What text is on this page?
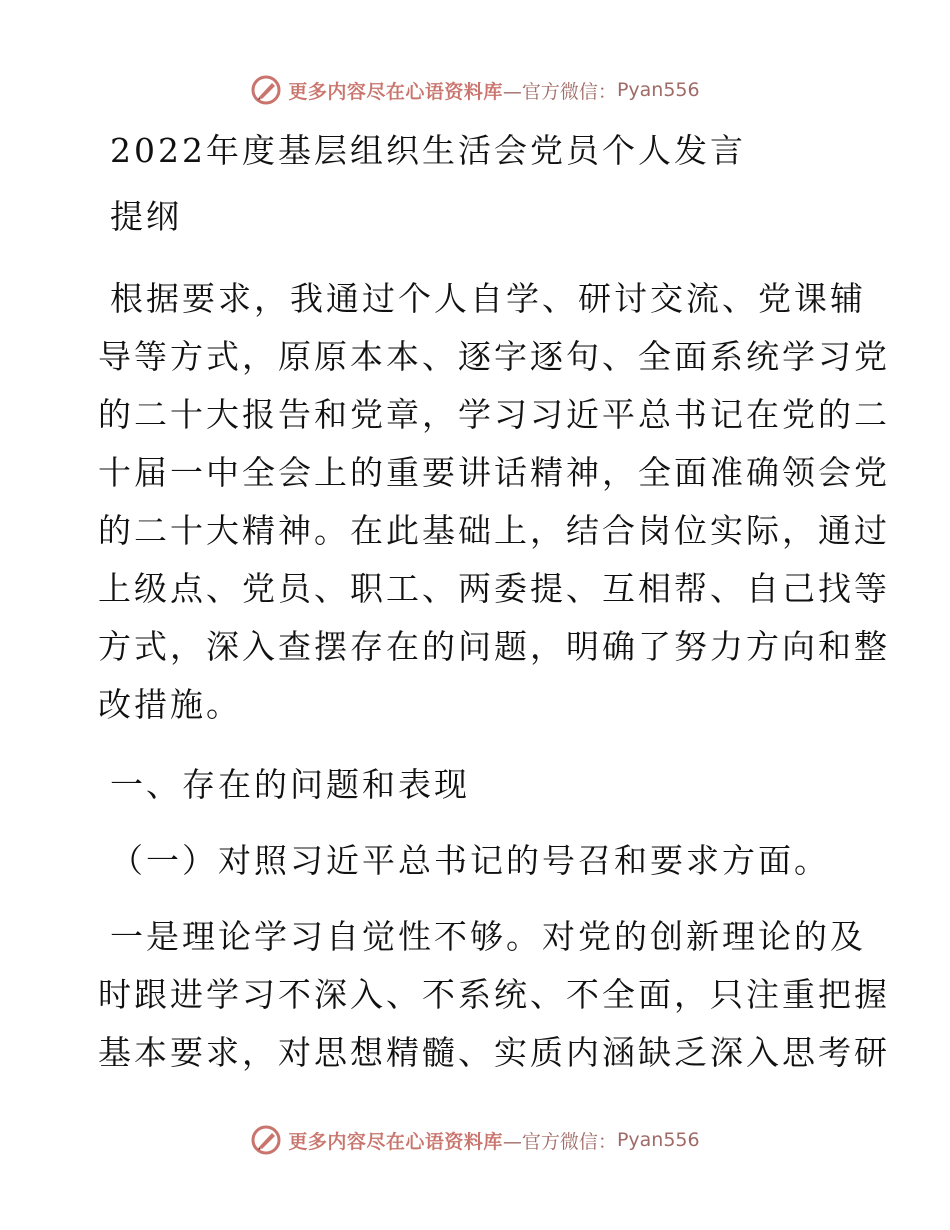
更多内容尽在心语资料库 —官方微信： Pyan556
2022年度基层组织生活会党员个人发言
提纲
根据要求，我通过个人自学、研讨交流、党课辅
导等方式，原原本本、逐字逐句、全面系统学习党
的二十大报告和党章，学习习近平总书记在党的二
十届一中全会上的重要讲话精神，全面准确领会党
的二十大精神。在此基础上，结合岗位实际，通过
上级点、党员、职工、两委提、互相帮、自己找等
方式，深入查摆存在的问题，明确了努力方向和整
改措施。
一、存在的问题和表现
（一）对照习近平总书记的号召和要求方面。
一是理论学习自觉性不够。对党的创新理论的及
时跟进学习不深入、不系统、不全面，只注重把握
基本要求，对思想精髓、实质内涵缺乏深入思考研
更多内容尽在心语资料库 —官方微信： Pyan556
